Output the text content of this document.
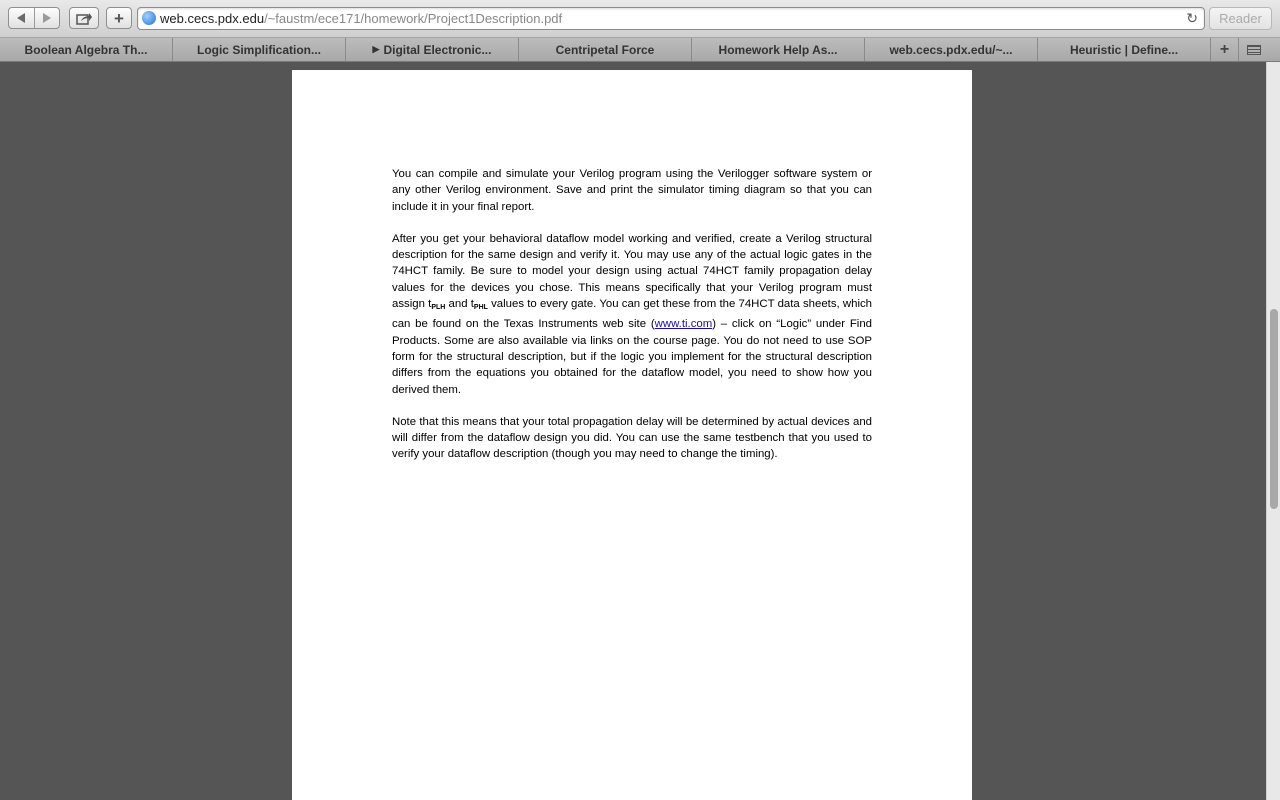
+	web.cecs.pdx.edu/~faustm/ece171/homework/Project1Description.pdf	↻	Reader
Boolean Algebra Th...	Logic Simplification...	▶ Digital Electronic...	Centripetal Force	Homework Help As...	web.cecs.pdx.edu/~...	Heuristic | Define...	+

You can compile and simulate your Verilog program using the Verilogger software system or any other Verilog environment. Save and print the simulator timing diagram so that you can include it in your final report.

After you get your behavioral dataflow model working and verified, create a Verilog structural description for the same design and verify it. You may use any of the actual logic gates in the 74HCT family. Be sure to model your design using actual 74HCT family propagation delay values for the devices you chose. This means specifically that your Verilog program must assign $t_{PLH}$ and $t_{PHL}$ values to every gate. You can get these from the 74HCT data sheets, which can be found on the Texas Instruments web site (www.ti.com) – click on “Logic” under Find Products. Some are also available via links on the course page. You do not need to use SOP form for the structural description, but if the logic you implement for the structural description differs from the equations you obtained for the dataflow model, you need to show how you derived them.

Note that this means that your total propagation delay will be determined by actual devices and will differ from the dataflow design you did. You can use the same testbench that you used to verify your dataflow description (though you may need to change the timing).
